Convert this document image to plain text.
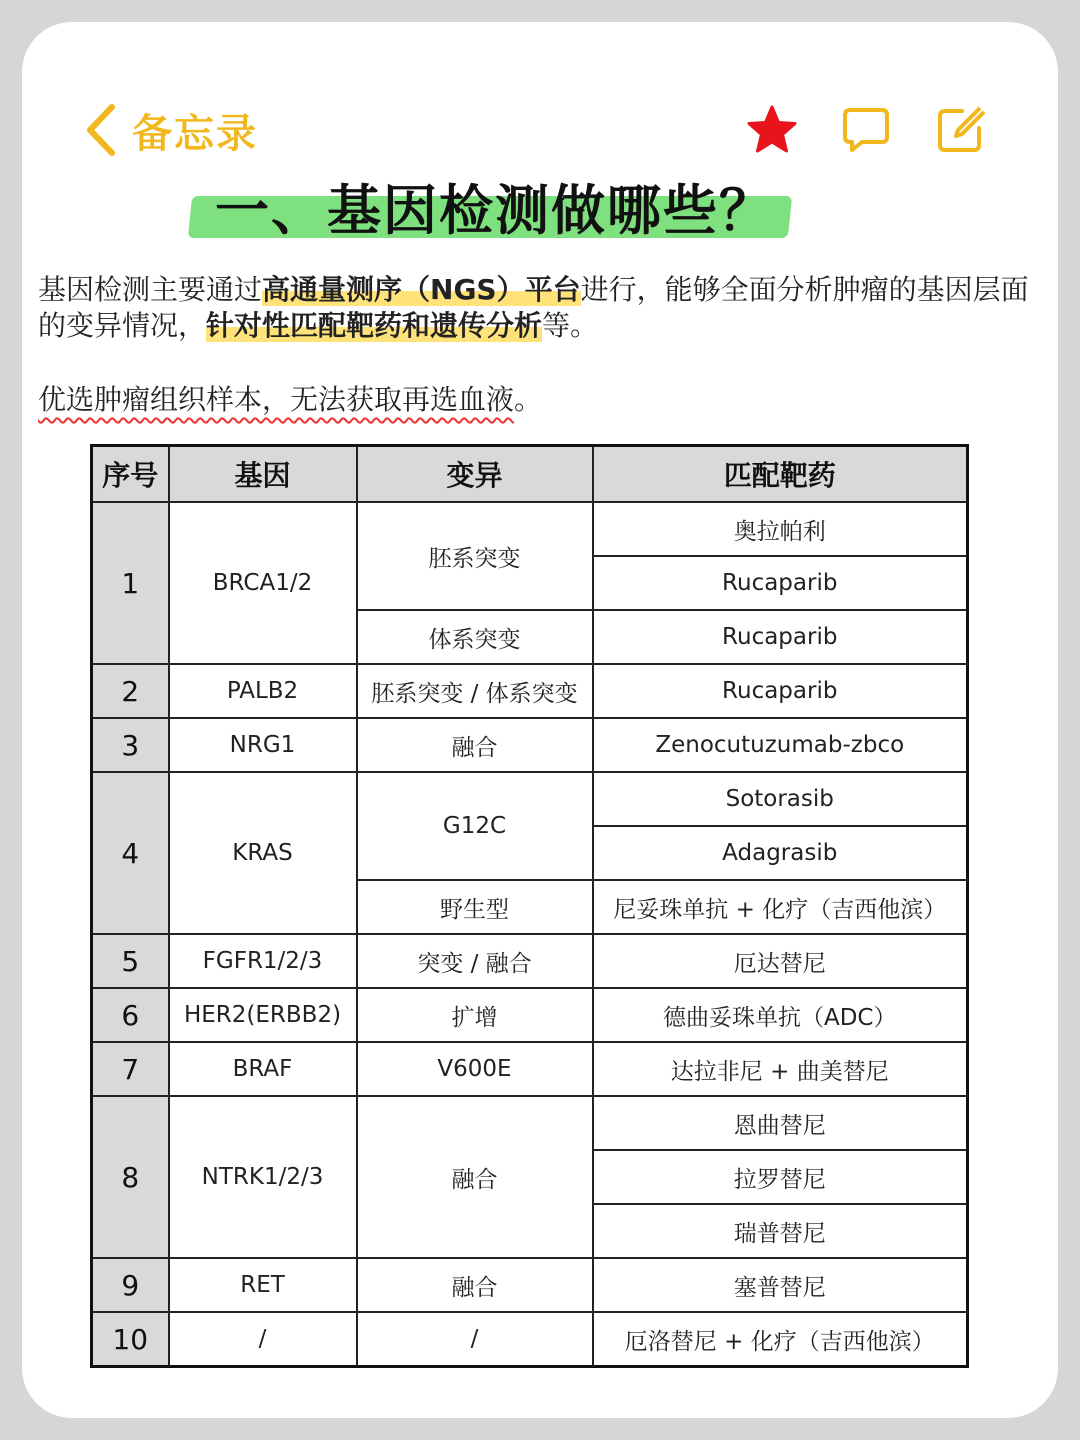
备忘录
一、基因检测做哪些？
基因检测主要通过高通量测序（NGS）平台进行，能够全面分析肿瘤的基因层面的变异情况，针对性匹配靶药和遗传分析等。
优选肿瘤组织样本，无法获取再选血液。
序号	基因	变异	匹配靶药
1	BRCA1/2	胚系突变	奥拉帕利
			Rucaparib
		体系突变	Rucaparib
2	PALB2	胚系突变 / 体系突变	Rucaparib
3	NRG1	融合	Zenocutuzumab-zbco
4	KRAS	G12C	Sotorasib
			Adagrasib
		野生型	尼妥珠单抗 + 化疗（吉西他滨）
5	FGFR1/2/3	突变 / 融合	厄达替尼
6	HER2(ERBB2)	扩增	德曲妥珠单抗（ADC）
7	BRAF	V600E	达拉非尼 + 曲美替尼
8	NTRK1/2/3	融合	恩曲替尼
			拉罗替尼
			瑞普替尼
9	RET	融合	塞普替尼
10	/	/	厄洛替尼 + 化疗（吉西他滨）
